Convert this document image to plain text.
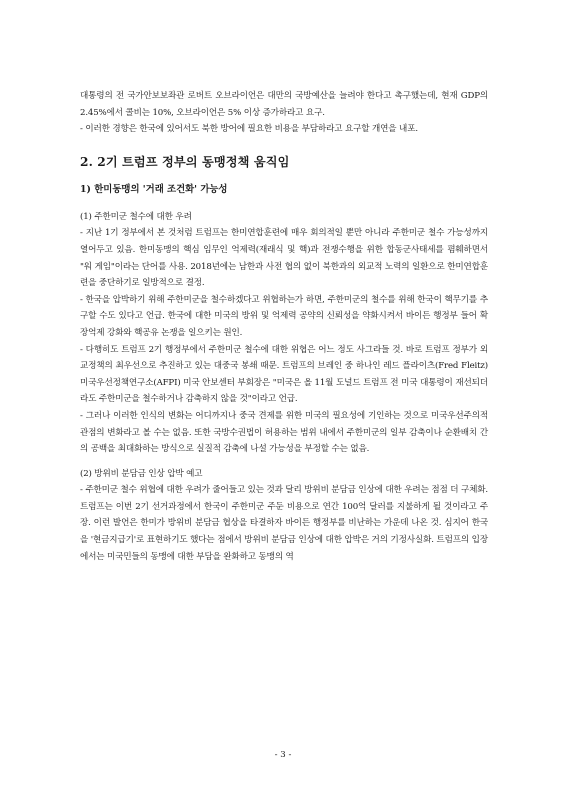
대통령의 전 국가안보보좌관 로버트 오브라이언은 대만의 국방예산을 늘려야 한다고 촉구했는데, 현재 GDP의 2.45%에서 콜비는 10%, 오브라이언은 5% 이상 증가하라고 요구.

- 이러한 경향은 한국에 있어서도 북한 방어에 필요한 비용을 부담하라고 요구할 개연을 내포.

2. 2기 트럼프 정부의 동맹정책 움직임
1) 한미동맹의 '거래 조건화' 가능성

(1) 주한미군 철수에 대한 우려

- 지난 1기 정부에서 본 것처럼 트럼프는 한미연합훈련에 매우 회의적일 뿐만 아니라 주한미군 철수 가능성까지 열어두고 있음. 한미동맹의 핵심 임무인 억제력(재래식 및 핵)과 전쟁수행을 위한 합동군사태세를 폄훼하면서 "워 게임"이라는 단어를 사용. 2018년에는 남한과 사전 협의 없이 북한과의 외교적 노력의 일환으로 한미연합훈련을 중단하기로 일방적으로 결정.

- 한국을 압박하기 위해 주한미군을 철수하겠다고 위협하는가 하면, 주한미군의 철수를 위해 한국이 핵무기를 추구할 수도 있다고 언급. 한국에 대한 미국의 방위 및 억제력 공약의 신뢰성을 약화시켜서 바이든 행정부 들어 확장억제 강화와 핵공유 논쟁을 일으키는 원인.

- 다행히도 트럼프 2기 행정부에서 주한미군 철수에 대한 위협은 어느 정도 사그라들 것. 바로 트럼프 정부가 외교정책의 최우선으로 추진하고 있는 대중국 봉쇄 때문. 트럼프의 브레인 중 하나인 레드 플라이츠(Fred Fleitz) 미국우선정책연구소(AFPI) 미국 안보센터 부회장은 "미국은 올 11월 도널드 트럼프 전 미국 대통령이 재선되더라도 주한미군을 철수하거나 감축하지 않을 것"이라고 언급.

- 그러나 이러한 인식의 변화는 어디까지나 중국 견제를 위한 미국의 필요성에 기인하는 것으로 미국우선주의적 관점의 변화라고 볼 수는 없음. 또한 국방수권법이 허용하는 범위 내에서 주한미군의 일부 감축이나 순환배치 간의 공백을 최대화하는 방식으로 실질적 감축에 나설 가능성을 부정할 수는 없음.

(2) 방위비 분담금 인상 압박 예고

- 주한미군 철수 위협에 대한 우려가 줄어들고 있는 것과 달리 방위비 분담금 인상에 대한 우려는 점점 더 구체화. 트럼프는 이번 2기 선거과정에서 한국이 주한미군 주둔 비용으로 연간 100억 달러를 지불하게 될 것이라고 주장. 이런 발언은 한미가 방위비 분담금 협상을 타결하자 바이든 행정부를 비난하는 가운데 나온 것. 심지어 한국을 '현금지급기'로 표현하기도 했다는 점에서 방위비 분담금 인상에 대한 압박은 거의 기정사실화. 트럼프의 입장에서는 미국민들의 동맹에 대한 부담을 완화하고 동맹의 역

- 3 -
